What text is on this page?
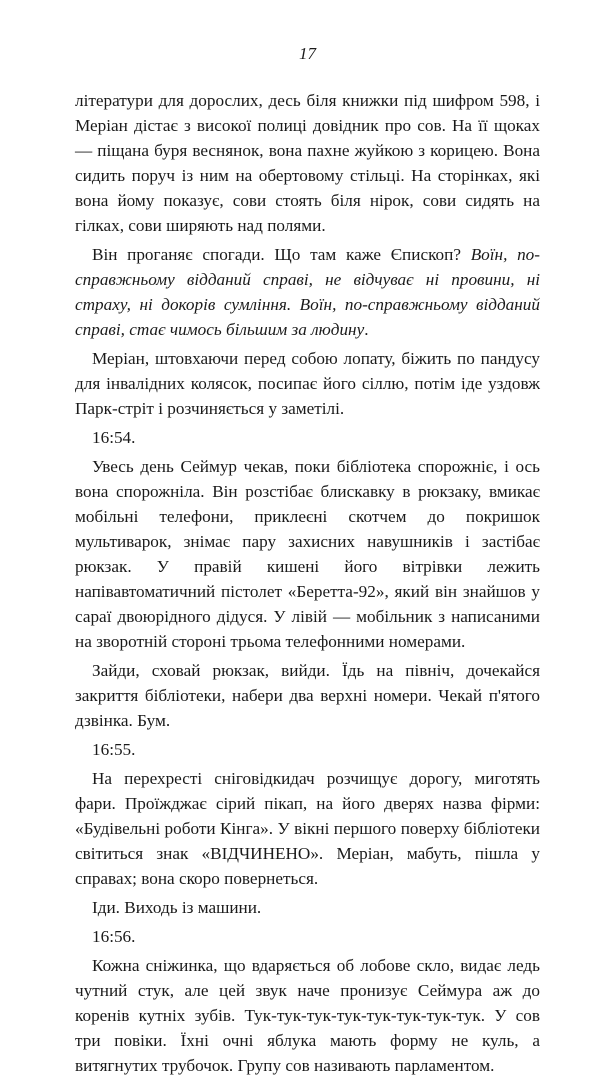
17

літератури для дорослих, десь біля книжки під шифром 598, і Меріан дістає з високої полиці довідник про сов. На її щоках — піщана буря веснянок, вона пахне жуйкою з корицею. Вона сидить поруч із ним на обертовому стільці. На сторінках, які вона йому показує, сови стоять біля нірок, сови сидять на гілках, сови ширяють над полями.

Він проганяє спогади. Що там каже Єпископ? Воїн, по-справжньому відданий справі, не відчуває ні провини, ні страху, ні докорів сумління. Воїн, по-справжньому відданий справі, стає чимось більшим за людину.

Меріан, штовхаючи перед собою лопату, біжить по пандусу для інвалідних колясок, посипає його сіллю, потім іде уздовж Парк-стріт і розчиняється у заметілі.

16:54.

Увесь день Сеймур чекав, поки бібліотека спорожніє, і ось вона спорожніла. Він розстібає блискавку в рюкзаку, вмикає мобільні телефони, приклеєні скотчем до покришок мультиварок, знімає пару захисних навушників і застібає рюкзак. У правій кишені його вітрівки лежить напівавтоматичний пістолет «Беретта-92», який він знайшов у сараї двоюрідного дідуся. У лівій — мобільник з написаними на зворотній стороні трьома телефонними номерами.

Зайди, сховай рюкзак, вийди. Їдь на північ, дочекайся закриття бібліотеки, набери два верхні номери. Чекай п'ятого дзвінка. Бум.

16:55.

На перехресті сніговідкидач розчищує дорогу, миготять фари. Проїжджає сірий пікап, на його дверях назва фірми: «Будівельні роботи Кінга». У вікні першого поверху бібліотеки світиться знак «ВІДЧИНЕНО». Меріан, мабуть, пішла у справах; вона скоро повернеться.

Іди. Виходь із машини.

16:56.

Кожна сніжинка, що вдаряється об лобове скло, видає ледь чутний стук, але цей звук наче пронизує Сеймура аж до коренів кутніх зубів. Тук-тук-тук-тук-тук-тук-тук-тук. У сов три повіки. Їхні очні яблука мають форму не куль, а витягнутих трубочок. Групу сов називають парламентом.
